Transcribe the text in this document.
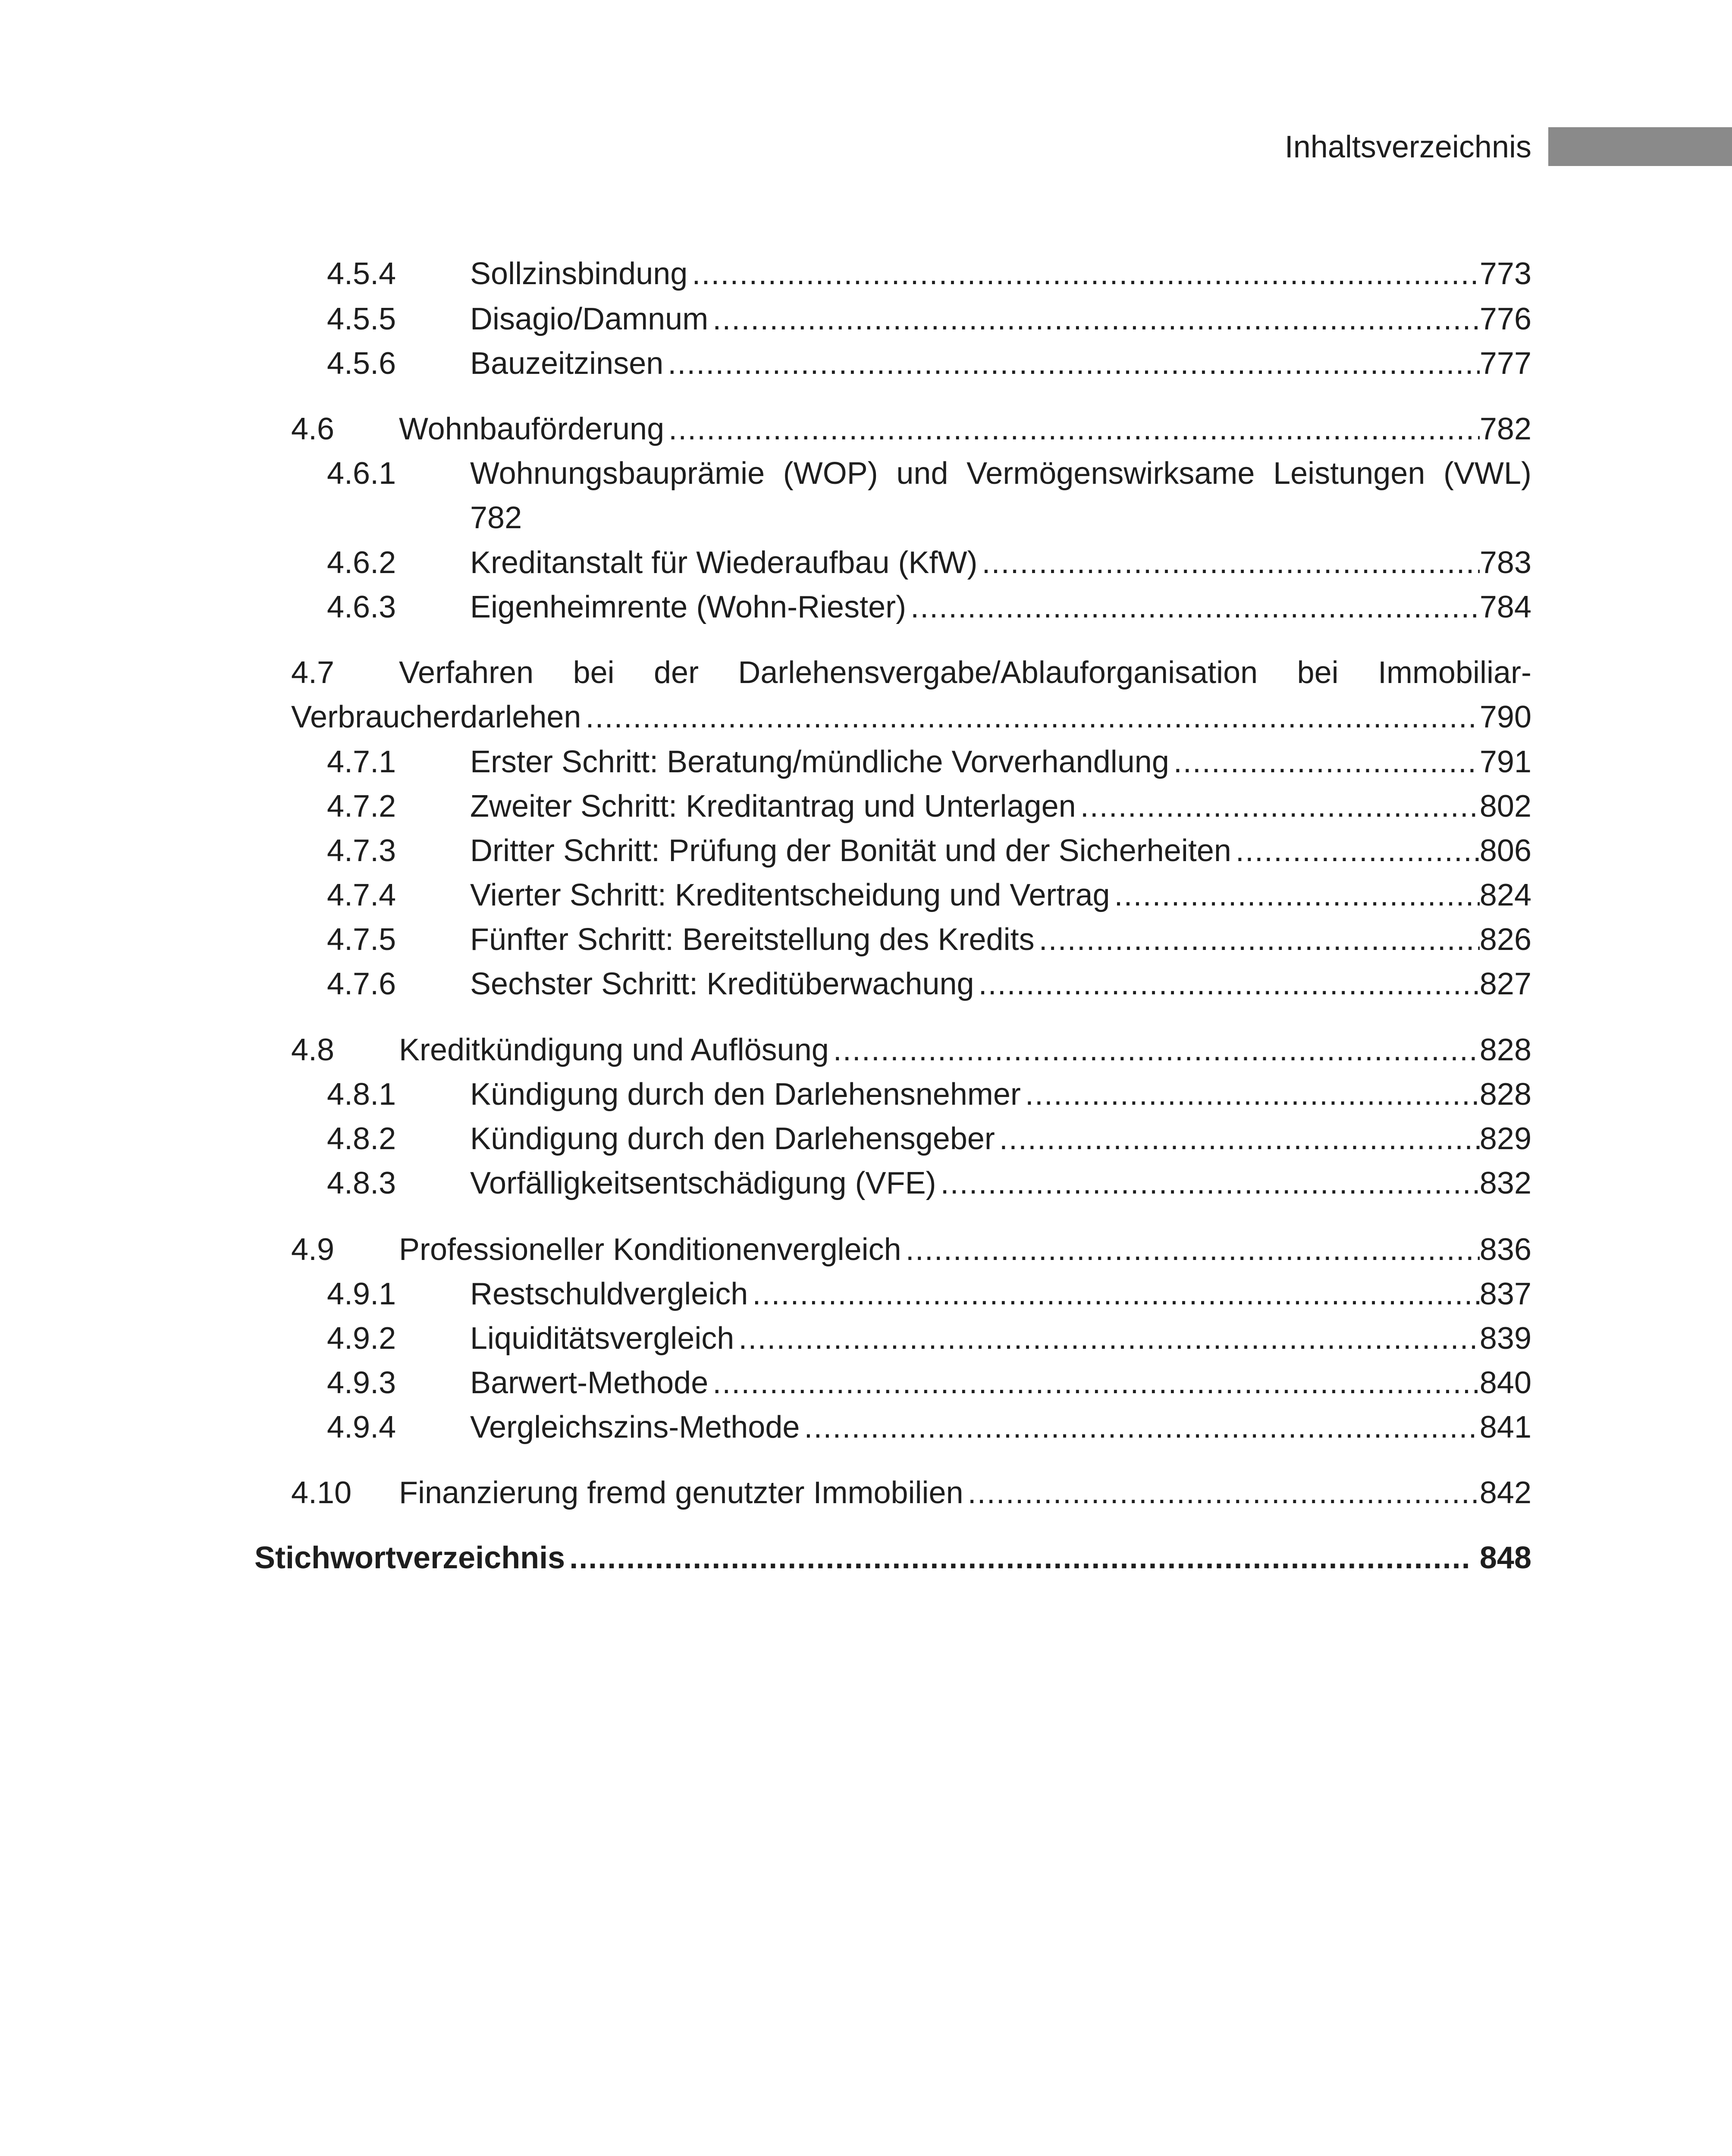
Inhaltsverzeichnis
4.5.4 Sollzinsbindung .....	773
4.5.5 Disagio/Damnum .....	776
4.5.6 Bauzeitzinsen .....	777
4.6 Wohnbauförderung .....	782
4.6.1 Wohnungsbauprämie (WOP) und Vermögenswirksame Leistungen (VWL)
782
4.6.2 Kreditanstalt für Wiederaufbau (KfW) .....	783
4.6.3 Eigenheimrente (Wohn-Riester) .....	784
4.7 Verfahren bei der Darlehensvergabe/Ablauforganisation bei Immobiliar-
Verbraucherdarlehen .....	790
4.7.1 Erster Schritt: Beratung/mündliche Vorverhandlung .....	791
4.7.2 Zweiter Schritt: Kreditantrag und Unterlagen .....	802
4.7.3 Dritter Schritt: Prüfung der Bonität und der Sicherheiten .....	806
4.7.4 Vierter Schritt: Kreditentscheidung und Vertrag .....	824
4.7.5 Fünfter Schritt: Bereitstellung des Kredits .....	826
4.7.6 Sechster Schritt: Kreditüberwachung .....	827
4.8 Kreditkündigung und Auflösung .....	828
4.8.1 Kündigung durch den Darlehensnehmer .....	828
4.8.2 Kündigung durch den Darlehensgeber .....	829
4.8.3 Vorfälligkeitsentschädigung (VFE) .....	832
4.9 Professioneller Konditionenvergleich .....	836
4.9.1 Restschuldvergleich .....	837
4.9.2 Liquiditätsvergleich .....	839
4.9.3 Barwert-Methode .....	840
4.9.4 Vergleichszins-Methode .....	841
4.10 Finanzierung fremd genutzter Immobilien .....	842
Stichwortverzeichnis .....	848
